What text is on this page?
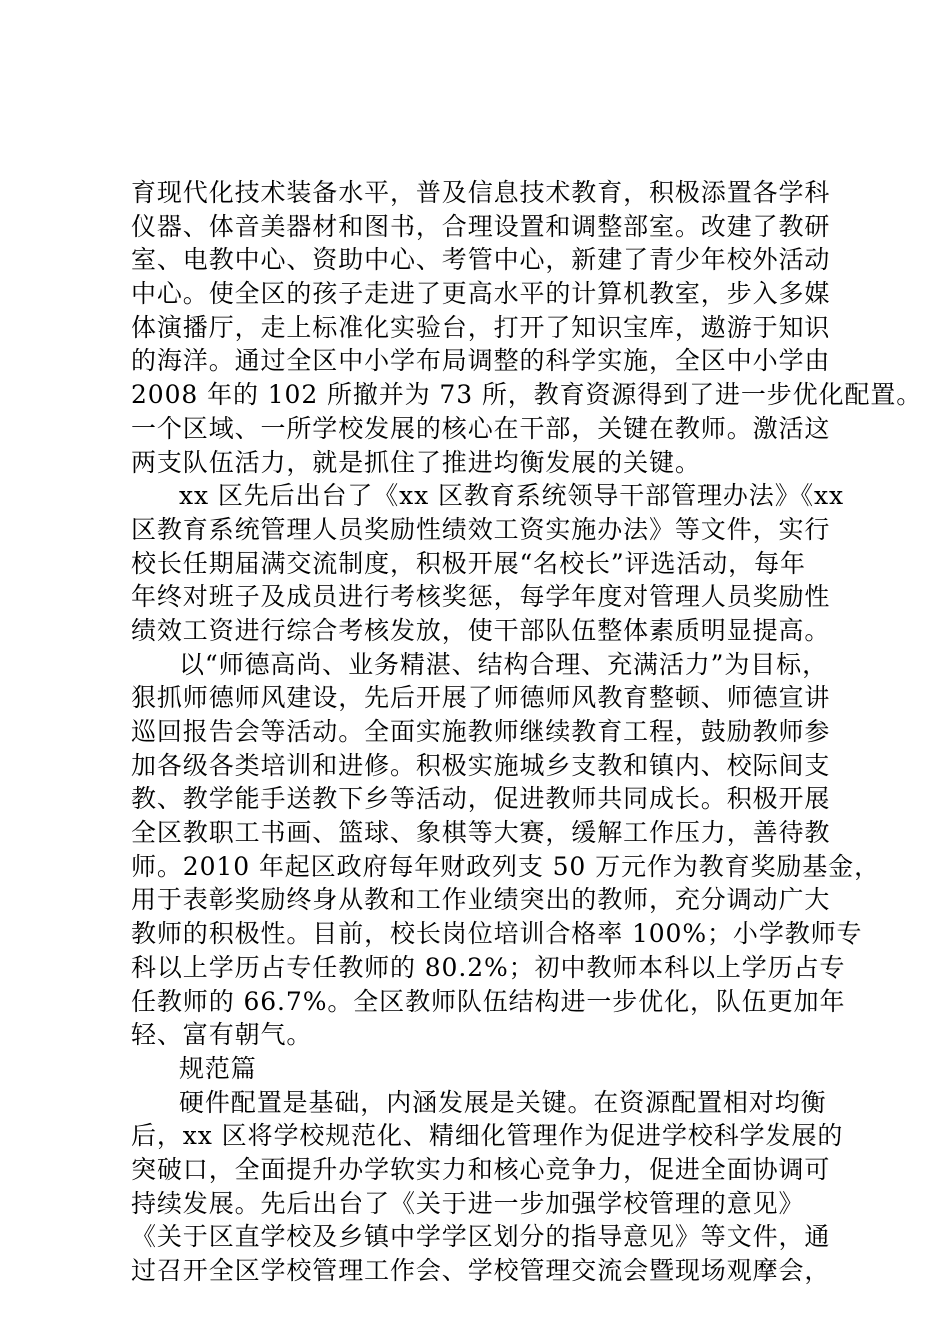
育现代化技术装备水平，普及信息技术教育，积极添置各学科
仪器、体音美器材和图书，合理设置和调整部室。改建了教研
室、电教中心、资助中心、考管中心，新建了青少年校外活动
中心。使全区的孩子走进了更高水平的计算机教室，步入多媒
体演播厅，走上标准化实验台，打开了知识宝库，遨游于知识
的海洋。通过全区中小学布局调整的科学实施，全区中小学由
2008 年的 102 所撤并为 73 所，教育资源得到了进一步优化配置。
一个区域、一所学校发展的核心在干部，关键在教师。激活这
两支队伍活力，就是抓住了推进均衡发展的关键。
xx 区先后出台了《xx 区教育系统领导干部管理办法》《xx
区教育系统管理人员奖励性绩效工资实施办法》等文件，实行
校长任期届满交流制度，积极开展“名校长”评选活动，每年
年终对班子及成员进行考核奖惩，每学年度对管理人员奖励性
绩效工资进行综合考核发放，使干部队伍整体素质明显提高。
以“师德高尚、业务精湛、结构合理、充满活力”为目标，
狠抓师德师风建设，先后开展了师德师风教育整顿、师德宣讲
巡回报告会等活动。全面实施教师继续教育工程，鼓励教师参
加各级各类培训和进修。积极实施城乡支教和镇内、校际间支
教、教学能手送教下乡等活动，促进教师共同成长。积极开展
全区教职工书画、篮球、象棋等大赛，缓解工作压力，善待教
师。2010 年起区政府每年财政列支 50 万元作为教育奖励基金，
用于表彰奖励终身从教和工作业绩突出的教师，充分调动广大
教师的积极性。目前，校长岗位培训合格率 100%；小学教师专
科以上学历占专任教师的 80.2%；初中教师本科以上学历占专
任教师的 66.7%。全区教师队伍结构进一步优化，队伍更加年
轻、富有朝气。
规范篇
硬件配置是基础，内涵发展是关键。在资源配置相对均衡
后，xx 区将学校规范化、精细化管理作为促进学校科学发展的
突破口，全面提升办学软实力和核心竞争力，促进全面协调可
持续发展。先后出台了《关于进一步加强学校管理的意见》
《关于区直学校及乡镇中学学区划分的指导意见》等文件，通
过召开全区学校管理工作会、学校管理交流会暨现场观摩会，
